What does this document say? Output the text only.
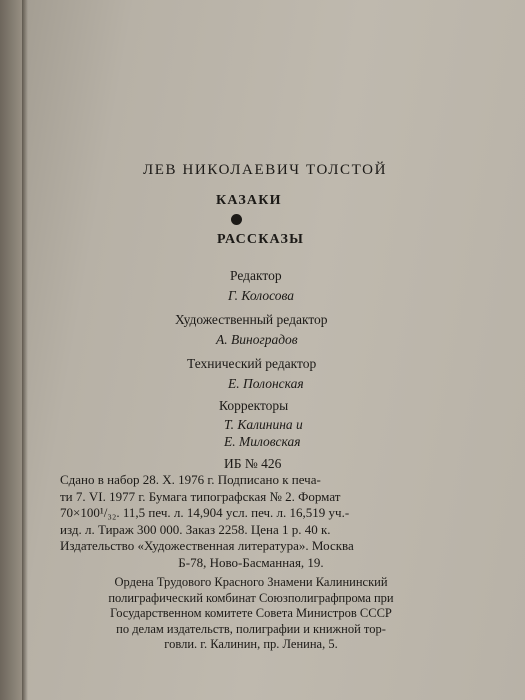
ЛЕВ НИКОЛАЕВИЧ ТОЛСТОЙ
КАЗАКИ
РАССКАЗЫ
Редактор
Г. Колосова
Художественный редактор
А. Виноградов
Технический редактор
Е. Полонская
Корректоры
Т. Калинина и
Е. Миловская
ИБ № 426
Сдано в набор 28. X. 1976 г. Подписано к печа-
ти 7. VI. 1977 г. Бумага типографская № 2. Формат
70×100¹/₃₂. 11,5 печ. л. 14,904 усл. печ. л. 16,519 уч.-
изд. л. Тираж 300 000. Заказ 2258. Цена 1 р. 40 к.
Издательство «Художественная литература». Москва
Б-78, Ново-Басманная, 19.
Ордена Трудового Красного Знамени Калининский
полиграфический комбинат Союзполиграфпрома при
Государственном комитете Совета Министров СССР
по делам издательств, полиграфии и книжной тор-
говли. г. Калинин, пр. Ленина, 5.
